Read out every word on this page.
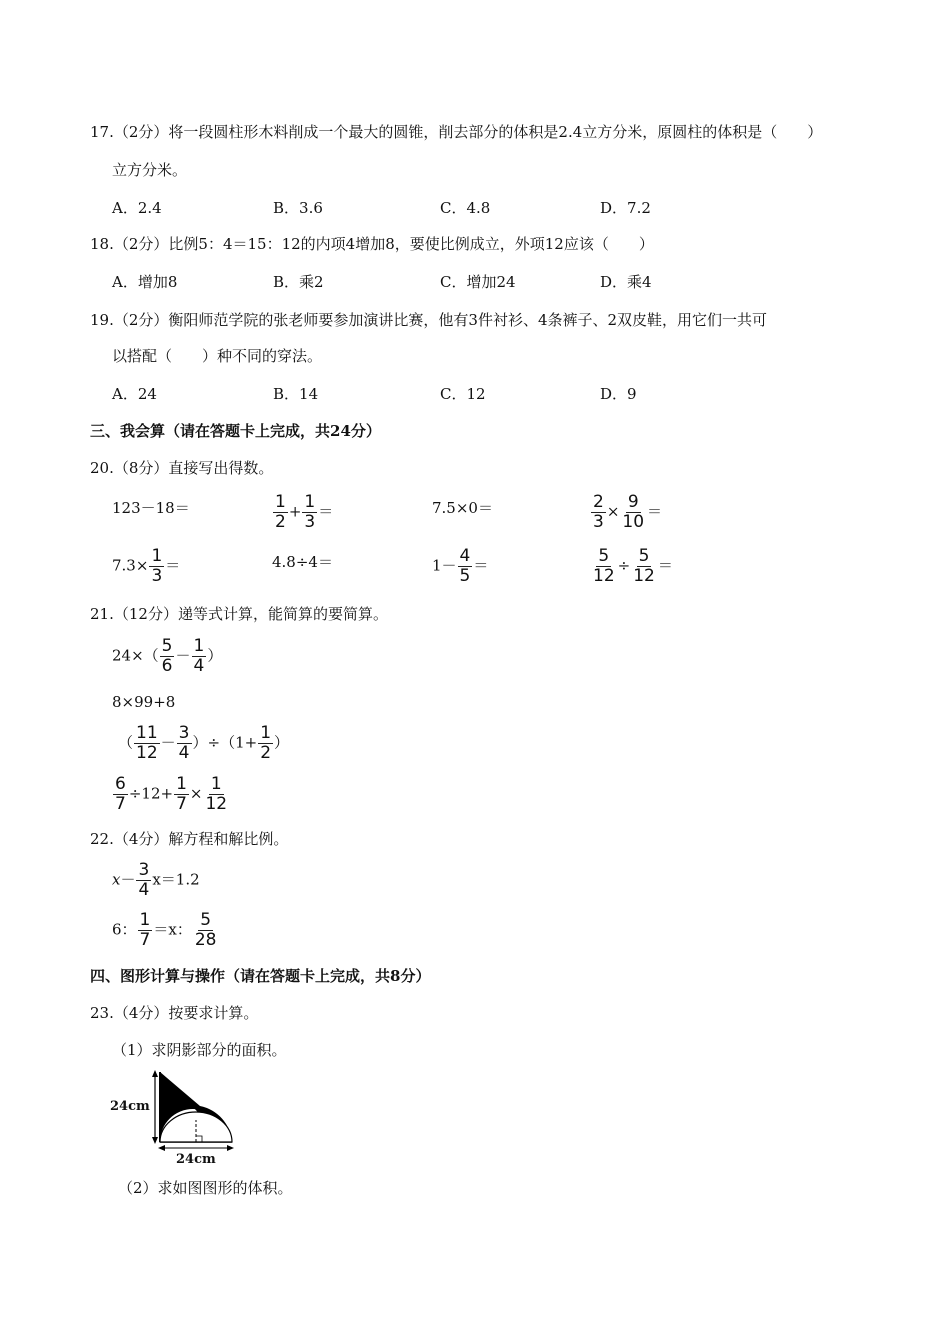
17.（2分）将一段圆柱形木料削成一个最大的圆锥，削去部分的体积是2.4立方分米，原圆柱的体积是（　　）
立方分米。
A．2.4	B．3.6	C．4.8	D．7.2
18.（2分）比例5：4＝15：12的内项4增加8，要使比例成立，外项12应该（　　）
A．增加8	B．乘2	C．增加24	D．乘4
19.（2分）衡阳师范学院的张老师要参加演讲比赛，他有3件衬衫、4条裤子、2双皮鞋，用它们一共可
以搭配（　　）种不同的穿法。
A．24	B．14	C．12	D．9
三、我会算（请在答题卡上完成，共24分）
20.（8分）直接写出得数。
123－18＝	$\frac{1}{2} + \frac{1}{3}$ ＝	7.5×0＝	$\frac{2}{3} \times \frac{9}{10}$ ＝
$7.3\times \frac{1}{3}$ ＝	4.8÷4＝	$1- \frac{4}{5}$ ＝	$\frac{5}{12} \div \frac{5}{12}$ ＝
21.（12分）递等式计算，能简算的要简算。
$24\times( \frac{5}{6} - \frac{1}{4}$ ）
8×99+8
（ $\frac{11}{12} - \frac{3}{4} )\div(1+ \frac{1}{2}$ ）
$\frac{6}{7} \div 12+ \frac{1}{7} \times \frac{1}{12}$
22.（4分）解方程和解比例。
$x- \frac{3}{4} x=1.2$
6： $\frac{1}{7} =x$： $\frac{5}{28}$
四、图形计算与操作（请在答题卡上完成，共8分）
23.（4分）按要求计算。
（1）求阴影部分的面积。
24cm
24cm
（2）求如图图形的体积。
